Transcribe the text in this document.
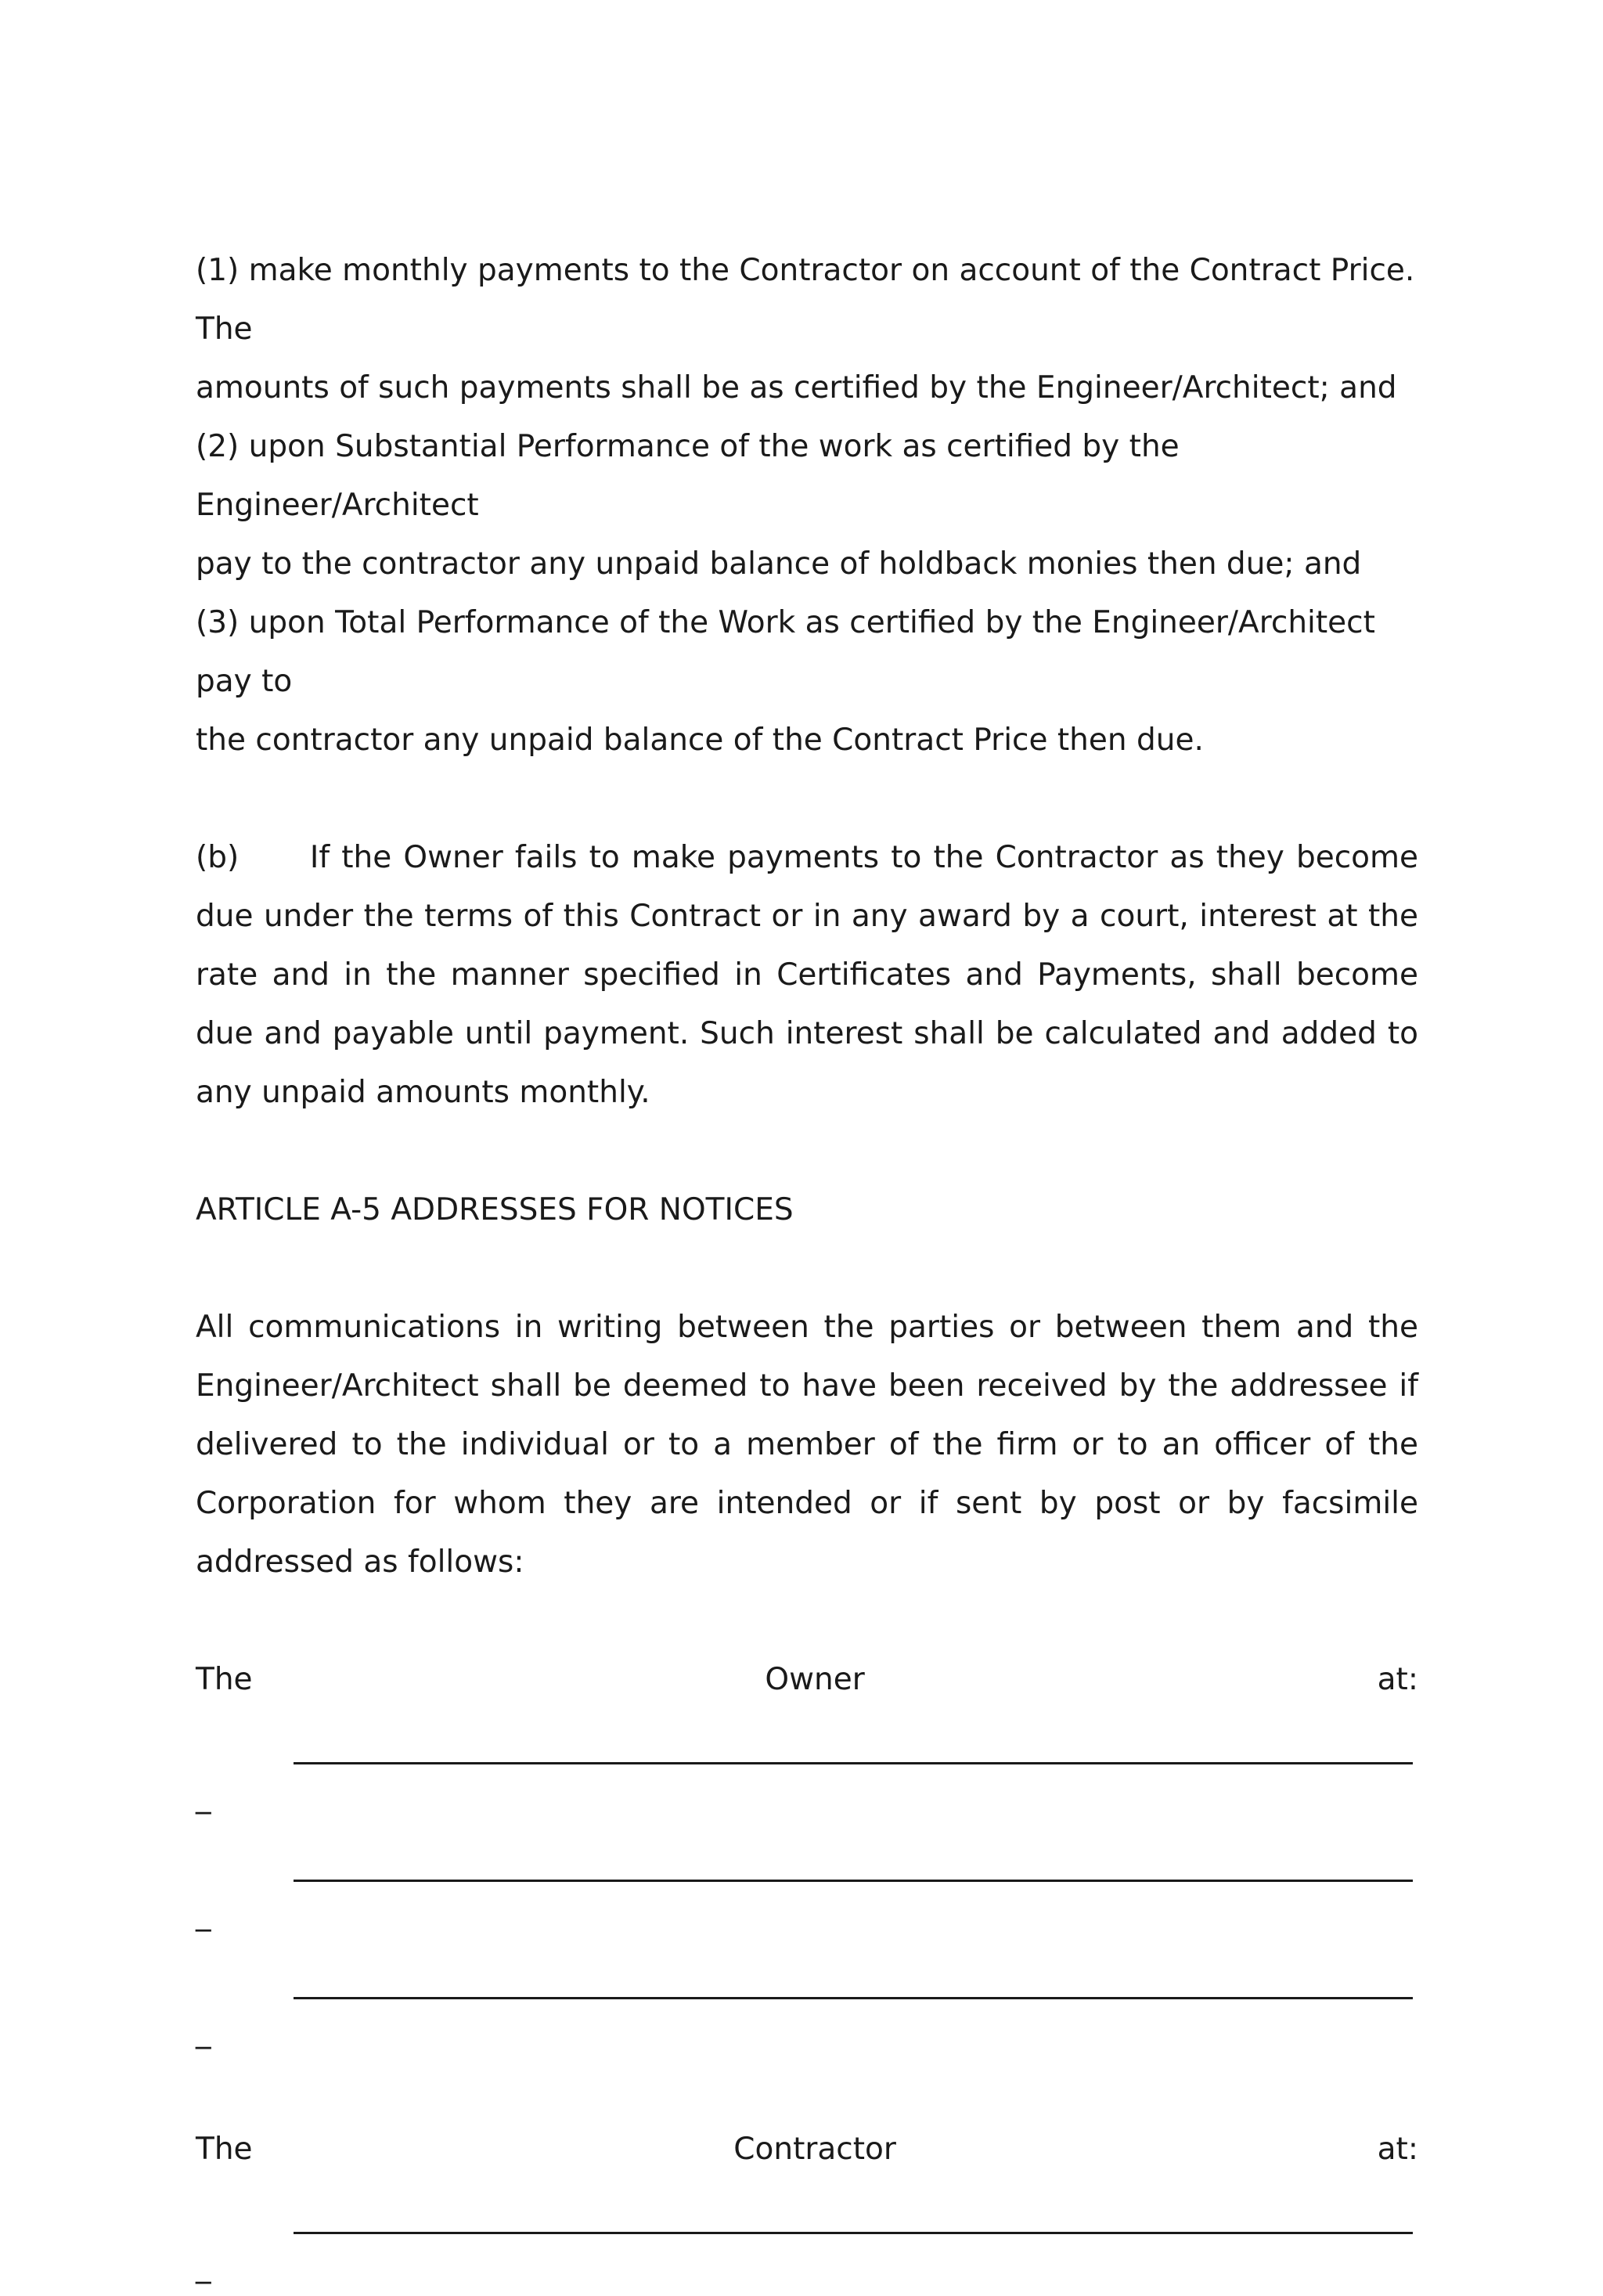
(1) make monthly payments to the Contractor on account of the Contract Price. The

amounts of such payments shall be as certified by the Engineer/Architect; and

(2) upon Substantial Performance of the work as certified by the Engineer/Architect

pay to the contractor any unpaid balance of holdback monies then due; and

(3) upon Total Performance of the Work as certified by the Engineer/Architect pay to

the contractor any unpaid balance of the Contract Price then due.

(b)      If the Owner fails to make payments to the Contractor as they become due under the terms of this Contract or in any award by a court, interest at the rate and in the manner specified in Certificates and Payments, shall become due and payable until payment. Such interest shall be calculated and added to any unpaid amounts monthly.

ARTICLE A-5 ADDRESSES FOR NOTICES

All communications in writing between the parties or between them and the Engineer/Architect shall be deemed to have been received by the addressee if delivered to the individual or to a member of the firm or to an officer of the Corporation for whom they are intended or if sent by post or by facsimile addressed as follows:

The	Owner	at:
_
_
_
The	Contractor	at:
_
